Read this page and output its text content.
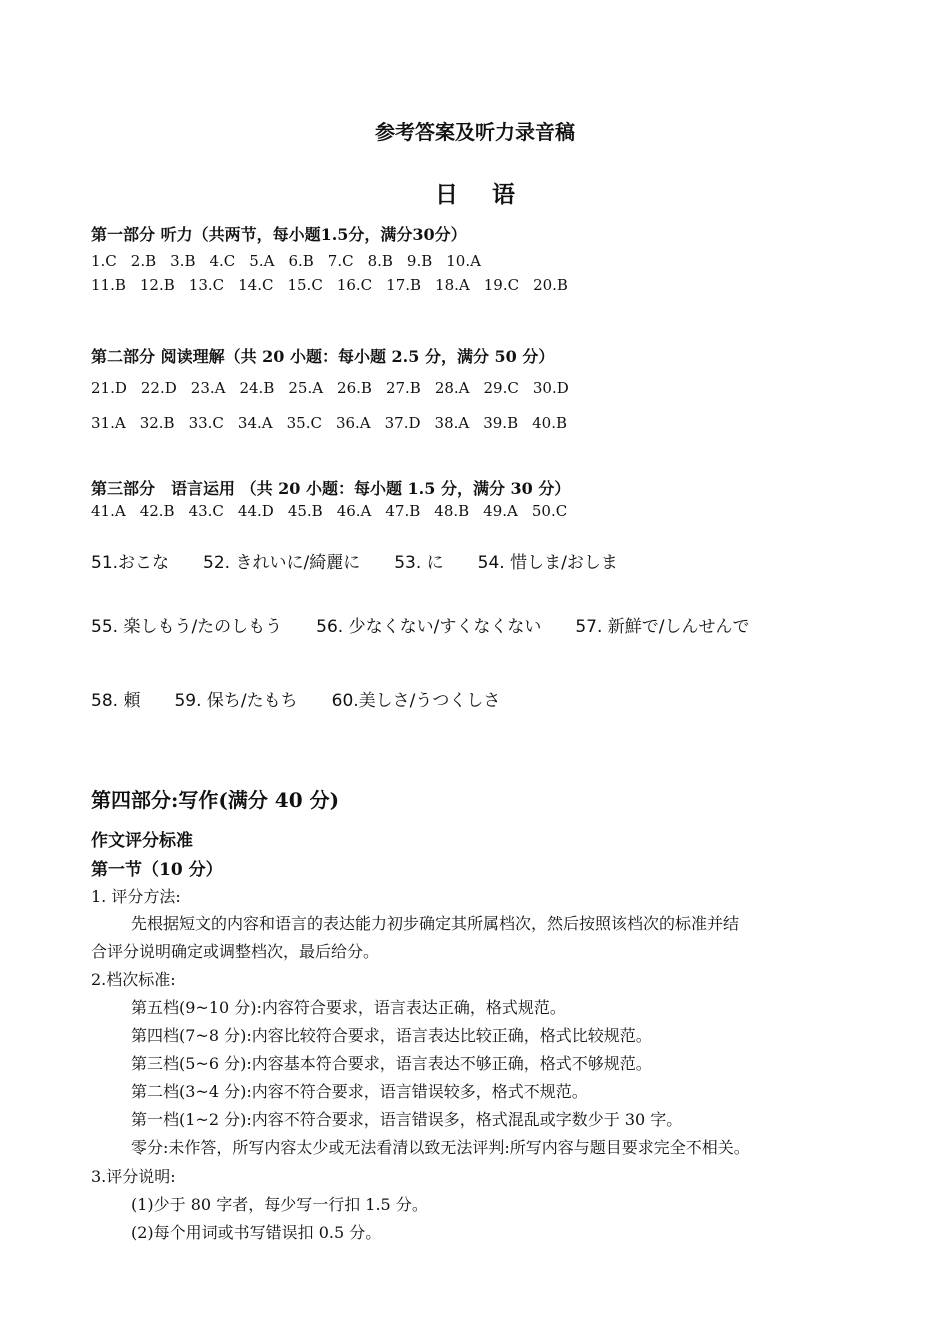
参考答案及听力录音稿
日语
第一部分 听力（共两节，每小题1.5分，满分30分）
1.C 2.B 3.B 4.C 5.A 6.B 7.C 8.B 9.B 10.A
11.B 12.B 13.C 14.C 15.C 16.C 17.B 18.A 19.C 20.B
第二部分 阅读理解（共 20 小题：每小题 2.5 分，满分 50 分）
21.D 22.D 23.A 24.B 25.A 26.B 27.B 28.A 29.C 30.D
31.A 32.B 33.C 34.A 35.C 36.A 37.D 38.A 39.B 40.B
第三部分　语言运用 （共 20 小题：每小题 1.5 分，满分 30 分）
41.A 42.B 43.C 44.D 45.B 46.A 47.B 48.B 49.A 50.C
51.おこな 52. きれいに/綺麗に 53. に 54. 惜しま/おしま
55. 楽しもう/たのしもう 56. 少なくない/すくなくない 57. 新鮮で/しんせんで
58. 頼 59. 保ち/たもち 60.美しさ/うつくしさ
第四部分:写作(满分 40 分)
作文评分标准
第一节（10 分）
1. 评分方法:
先根据短文的内容和语言的表达能力初步确定其所属档次，然后按照该档次的标准并结
合评分说明确定或调整档次，最后给分。
2.档次标准:
第五档(9~10 分):内容符合要求，语言表达正确，格式规范。
第四档(7~8 分):内容比较符合要求，语言表达比较正确，格式比较规范。
第三档(5~6 分):内容基本符合要求，语言表达不够正确，格式不够规范。
第二档(3~4 分):内容不符合要求，语言错误较多，格式不规范。
第一档(1~2 分):内容不符合要求，语言错误多，格式混乱或字数少于 30 字。
零分:未作答，所写内容太少或无法看清以致无法评判:所写内容与题目要求完全不相关。
3.评分说明:
(1)少于 80 字者，每少写一行扣 1.5 分。
(2)每个用词或书写错误扣 0.5 分。
